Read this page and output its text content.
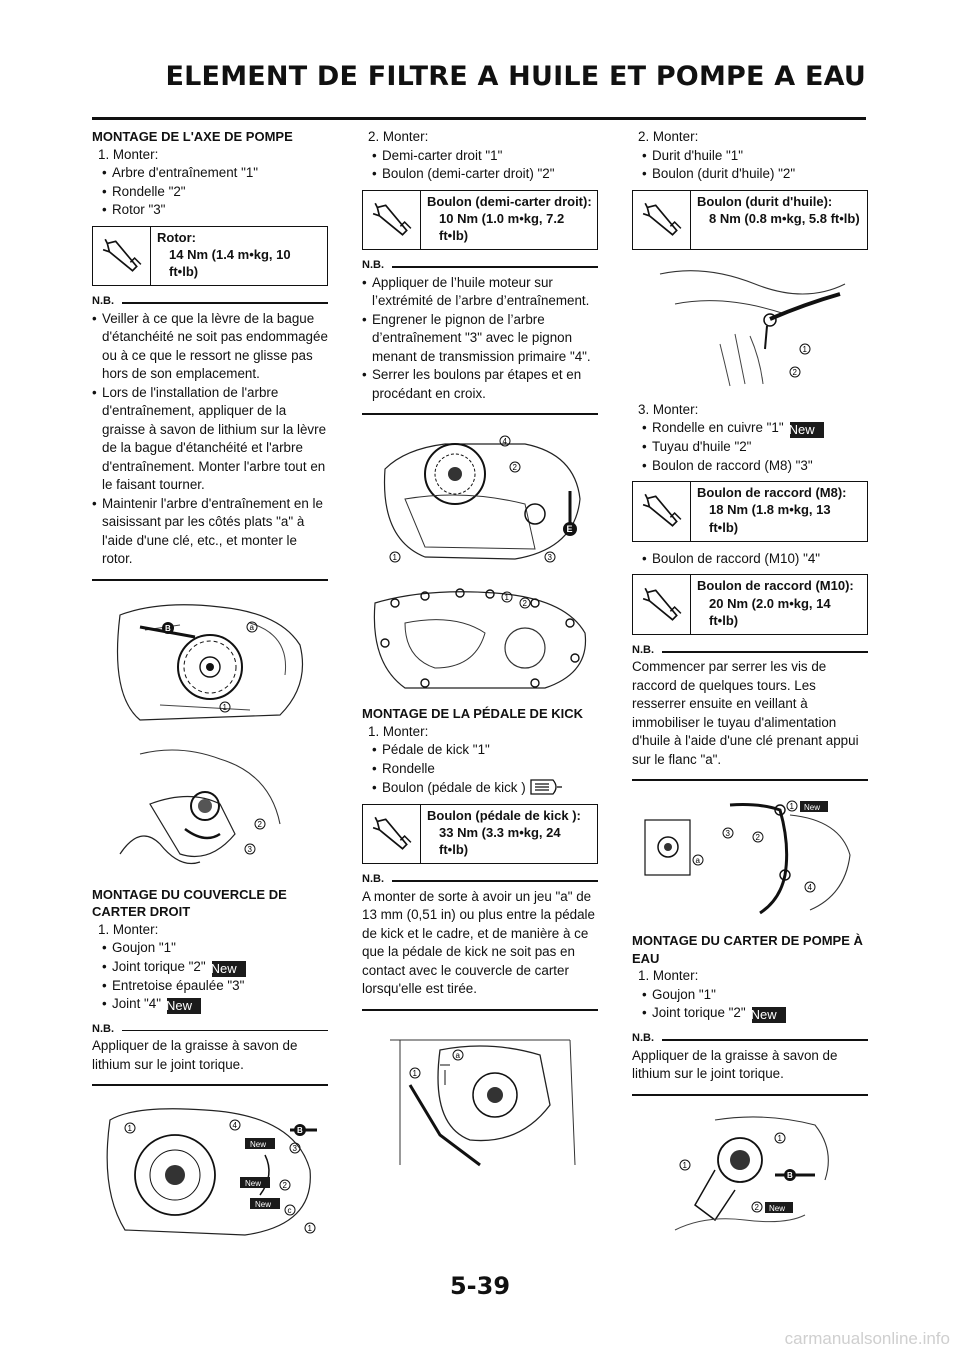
ELEMENT DE FILTRE A HUILE ET POMPE A EAU
MONTAGE DE L'AXE DE POMPE
1. Monter:
• Arbre d'entraînement "1"
• Rondelle "2"
• Rotor "3"
Rotor:
14 Nm (1.4 m•kg, 10 ft•lb)
N.B.
• Veiller à ce que la lèvre de la bague d'étanchéité ne soit pas endommagée ou à ce que le ressort ne glisse pas hors de son emplacement.
• Lors de l'installation de l'arbre d'entraînement, appliquer de la graisse à savon de lithium sur la lèvre de la bague d'étanchéité et l'arbre d'entraînement. Monter l'arbre tout en le faisant tourner.
• Maintenir l'arbre d'entraînement en le saisissant par les côtés plats "a" à l'aide d'une clé, etc., et monter le rotor.
B	a
1
2
3
MONTAGE DU COUVERCLE DE CARTER DROIT
1. Monter:
• Goujon "1"
• Joint torique "2" New
• Entretoise épaulée "3"
• Joint "4" New
N.B.
Appliquer de la graisse à savon de lithium sur le joint torique.
New
New
New
B
1	4
3
2
c
1
2. Monter:
• Demi-carter droit "1"
• Boulon (demi-carter droit) "2"
Boulon (demi-carter droit):
10 Nm (1.0 m•kg, 7.2 ft•lb)
N.B.
• Appliquer de l’huile moteur sur l’extrémité de l’arbre d’entraînement.
• Engrener le pignon de l’arbre d’entraînement "3" avec le pignon menant de transmission primaire "4".
• Serrer les boulons par étapes et en procédant en croix.
E
4
2
1	3
1
2
MONTAGE DE LA PÉDALE DE KICK
1. Monter:
• Pédale de kick "1"
• Rondelle
• Boulon (pédale de kick )
Boulon (pédale de kick ):
33 Nm (3.3 m•kg, 24 ft•lb)
N.B.
A monter de sorte à avoir un jeu "a" de 13 mm (0,51 in) ou plus entre la pédale de kick et le cadre, et de manière à ce que la pédale de kick ne soit pas en contact avec le couvercle de carter lorsqu'elle est tirée.
a
1
2. Monter:
• Durit d'huile "1"
• Boulon (durit d'huile) "2"
Boulon (durit d'huile):
8 Nm (0.8 m•kg, 5.8 ft•lb)
1
2
3. Monter:
• Rondelle en cuivre "1" New
• Tuyau d'huile "2"
• Boulon de raccord (M8) "3"
Boulon de raccord (M8):
18 Nm (1.8 m•kg, 13 ft•lb)
• Boulon de raccord (M10) "4"
Boulon de raccord (M10):
20 Nm (2.0 m•kg, 14 ft•lb)
N.B.
Commencer par serrer les vis de raccord de quelques tours. Les resserrer ensuite en veillant à immobiliser le tuyau d'alimentation d'huile à l'aide d'une clé prenant appui sur le flanc "a".
New
1
2
3
a
4
MONTAGE DU CARTER DE POMPE À EAU
1. Monter:
• Goujon "1"
• Joint torique "2" New
N.B.
Appliquer de la graisse à savon de lithium sur le joint torique.
B
New
1
1
2
5-39
carmanualsonline.info
